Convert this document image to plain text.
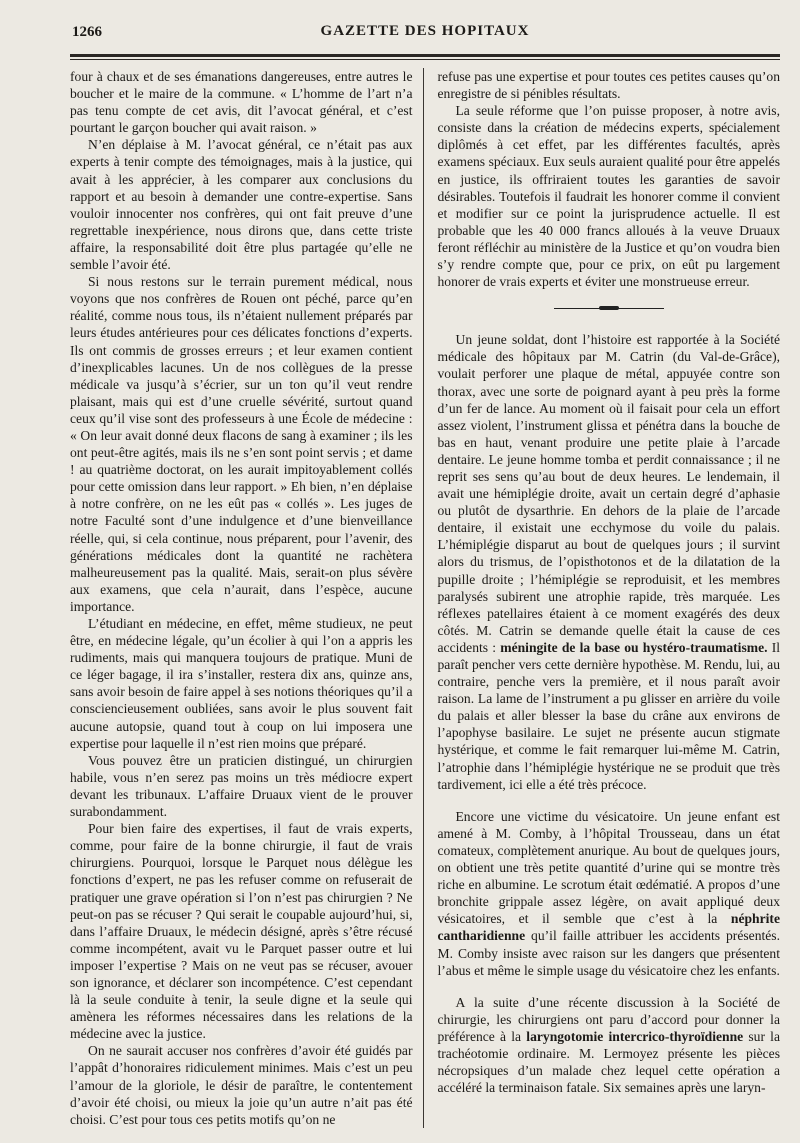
1266	GAZETTE DES HOPITAUX

four à chaux et de ses émanations dangereuses, entre autres le boucher et le maire de la commune. « L’homme de l’art n’a pas tenu compte de cet avis, dit l’avocat général, et c’est pourtant le garçon boucher qui avait raison. »

N’en déplaise à M. l’avocat général, ce n’était pas aux experts à tenir compte des témoignages, mais à la justice, qui avait à les apprécier, à les comparer aux conclusions du rapport et au besoin à demander une contre-expertise. Sans vouloir innocenter nos confrères, qui ont fait preuve d’une regrettable inexpérience, nous dirons que, dans cette triste affaire, la responsabilité doit être plus partagée qu’elle ne semble l’avoir été.

Si nous restons sur le terrain purement médical, nous voyons que nos confrères de Rouen ont péché, parce qu’en réalité, comme nous tous, ils n’étaient nullement préparés par leurs études antérieures pour ces délicates fonctions d’experts. Ils ont commis de grosses erreurs ; et leur examen contient d’inexplicables lacunes. Un de nos collègues de la presse médicale va jusqu’à s’écrier, sur un ton qu’il veut rendre plaisant, mais qui est d’une cruelle sévérité, surtout quand ceux qu’il vise sont des professeurs à une École de médecine : « On leur avait donné deux flacons de sang à examiner ; ils les ont peut-être agités, mais ils ne s’en sont point servis ; et dame ! au quatrième doctorat, on les aurait impitoyablement collés pour cette omission dans leur rapport. » Eh bien, n’en déplaise à notre confrère, on ne les eût pas « collés ». Les juges de notre Faculté sont d’une indulgence et d’une bienveillance réelle, qui, si cela continue, nous préparent, pour l’avenir, des générations médicales dont la quantité ne rachètera malheureusement pas la qualité. Mais, serait-on plus sévère aux examens, que cela n’aurait, dans l’espèce, aucune importance.

L’étudiant en médecine, en effet, même studieux, ne peut être, en médecine légale, qu’un écolier à qui l’on a appris les rudiments, mais qui manquera toujours de pratique. Muni de ce léger bagage, il ira s’installer, restera dix ans, quinze ans, sans avoir besoin de faire appel à ses notions théoriques qu’il a consciencieusement oubliées, sans avoir le plus souvent fait aucune autopsie, quand tout à coup on lui imposera une expertise pour laquelle il n’est rien moins que préparé.

Vous pouvez être un praticien distingué, un chirurgien habile, vous n’en serez pas moins un très médiocre expert devant les tribunaux. L’affaire Druaux vient de le prouver surabondamment.

Pour bien faire des expertises, il faut de vrais experts, comme, pour faire de la bonne chirurgie, il faut de vrais chirurgiens. Pourquoi, lorsque le Parquet nous délègue les fonctions d’expert, ne pas les refuser comme on refuserait de pratiquer une grave opération si l’on n’est pas chirurgien ? Ne peut-on pas se récuser ? Qui serait le coupable aujourd’hui, si, dans l’affaire Druaux, le médecin désigné, après s’être récusé comme incompétent, avait vu le Parquet passer outre et lui imposer l’expertise ? Mais on ne veut pas se récuser, avouer son ignorance, et déclarer son incompétence. C’est cependant là la seule conduite à tenir, la seule digne et la seule qui amènera les réformes nécessaires dans les relations de la médecine avec la justice.

On ne saurait accuser nos confrères d’avoir été guidés par l’appât d’honoraires ridiculement minimes. Mais c’est un peu l’amour de la gloriole, le désir de paraître, le contentement d’avoir été choisi, ou mieux la joie qu’un autre n’ait pas été choisi. C’est pour tous ces petits motifs qu’on ne

refuse pas une expertise et pour toutes ces petites causes qu’on enregistre de si pénibles résultats.

La seule réforme que l’on puisse proposer, à notre avis, consiste dans la création de médecins experts, spécialement diplômés à cet effet, par les différentes facultés, après examens spéciaux. Eux seuls auraient qualité pour être appelés en justice, ils offriraient toutes les garanties de savoir désirables. Toutefois il faudrait les honorer comme il convient et modifier sur ce point la jurisprudence actuelle. Il est probable que les 40 000 francs alloués à la veuve Druaux feront réfléchir au ministère de la Justice et qu’on voudra bien s’y rendre compte que, pour ce prix, on eût pu largement honorer de vrais experts et éviter une monstrueuse erreur.

Un jeune soldat, dont l’histoire est rapportée à la Société médicale des hôpitaux par M. Catrin (du Val-de-Grâce), voulait perforer une plaque de métal, appuyée contre son thorax, avec une sorte de poignard ayant à peu près la forme d’un fer de lance. Au moment où il faisait pour cela un effort assez violent, l’instrument glissa et pénétra dans la bouche de bas en haut, venant produire une petite plaie à l’arcade dentaire. Le jeune homme tomba et perdit connaissance ; il ne reprit ses sens qu’au bout de deux heures. Le lendemain, il avait une hémiplégie droite, avait un certain degré d’aphasie ou plutôt de dysarthrie. En dehors de la plaie de l’arcade dentaire, il existait une ecchymose du voile du palais. L’hémiplégie disparut au bout de quelques jours ; il survint alors du trismus, de l’opisthotonos et de la dilatation de la pupille droite ; l’hémiplégie se reproduisit, et les membres paralysés subirent une atrophie rapide, très marquée. Les réflexes patellaires étaient à ce moment exagérés des deux côtés. M. Catrin se demande quelle était la cause de ces accidents : méningite de la base ou hystéro-traumatisme. Il paraît pencher vers cette dernière hypothèse. M. Rendu, lui, au contraire, penche vers la première, et il nous paraît avoir raison. La lame de l’instrument a pu glisser en arrière du voile du palais et aller blesser la base du crâne aux environs de l’apophyse basilaire. Le sujet ne présente aucun stigmate hystérique, et comme le fait remarquer lui-même M. Catrin, l’atrophie dans l’hémiplégie hystérique ne se produit que très tardivement, ici elle a été très précoce.

Encore une victime du vésicatoire. Un jeune enfant est amené à M. Comby, à l’hôpital Trousseau, dans un état comateux, complètement anurique. Au bout de quelques jours, on obtient une très petite quantité d’urine qui se montre très riche en albumine. Le scrotum était œdématié. A propos d’une bronchite grippale assez légère, on avait appliqué deux vésicatoires, et il semble que c’est à la néphrite cantharidienne qu’il faille attribuer les accidents présentés. M. Comby insiste avec raison sur les dangers que présentent l’abus et même le simple usage du vésicatoire chez les enfants.

A la suite d’une récente discussion à la Société de chirurgie, les chirurgiens ont paru d’accord pour donner la préférence à la laryngotomie intercrico-thyroïdienne sur la trachéotomie ordinaire. M. Lermoyez présente les pièces nécropsiques d’un malade chez lequel cette opération a accéléré la terminaison fatale. Six semaines après une laryn-
